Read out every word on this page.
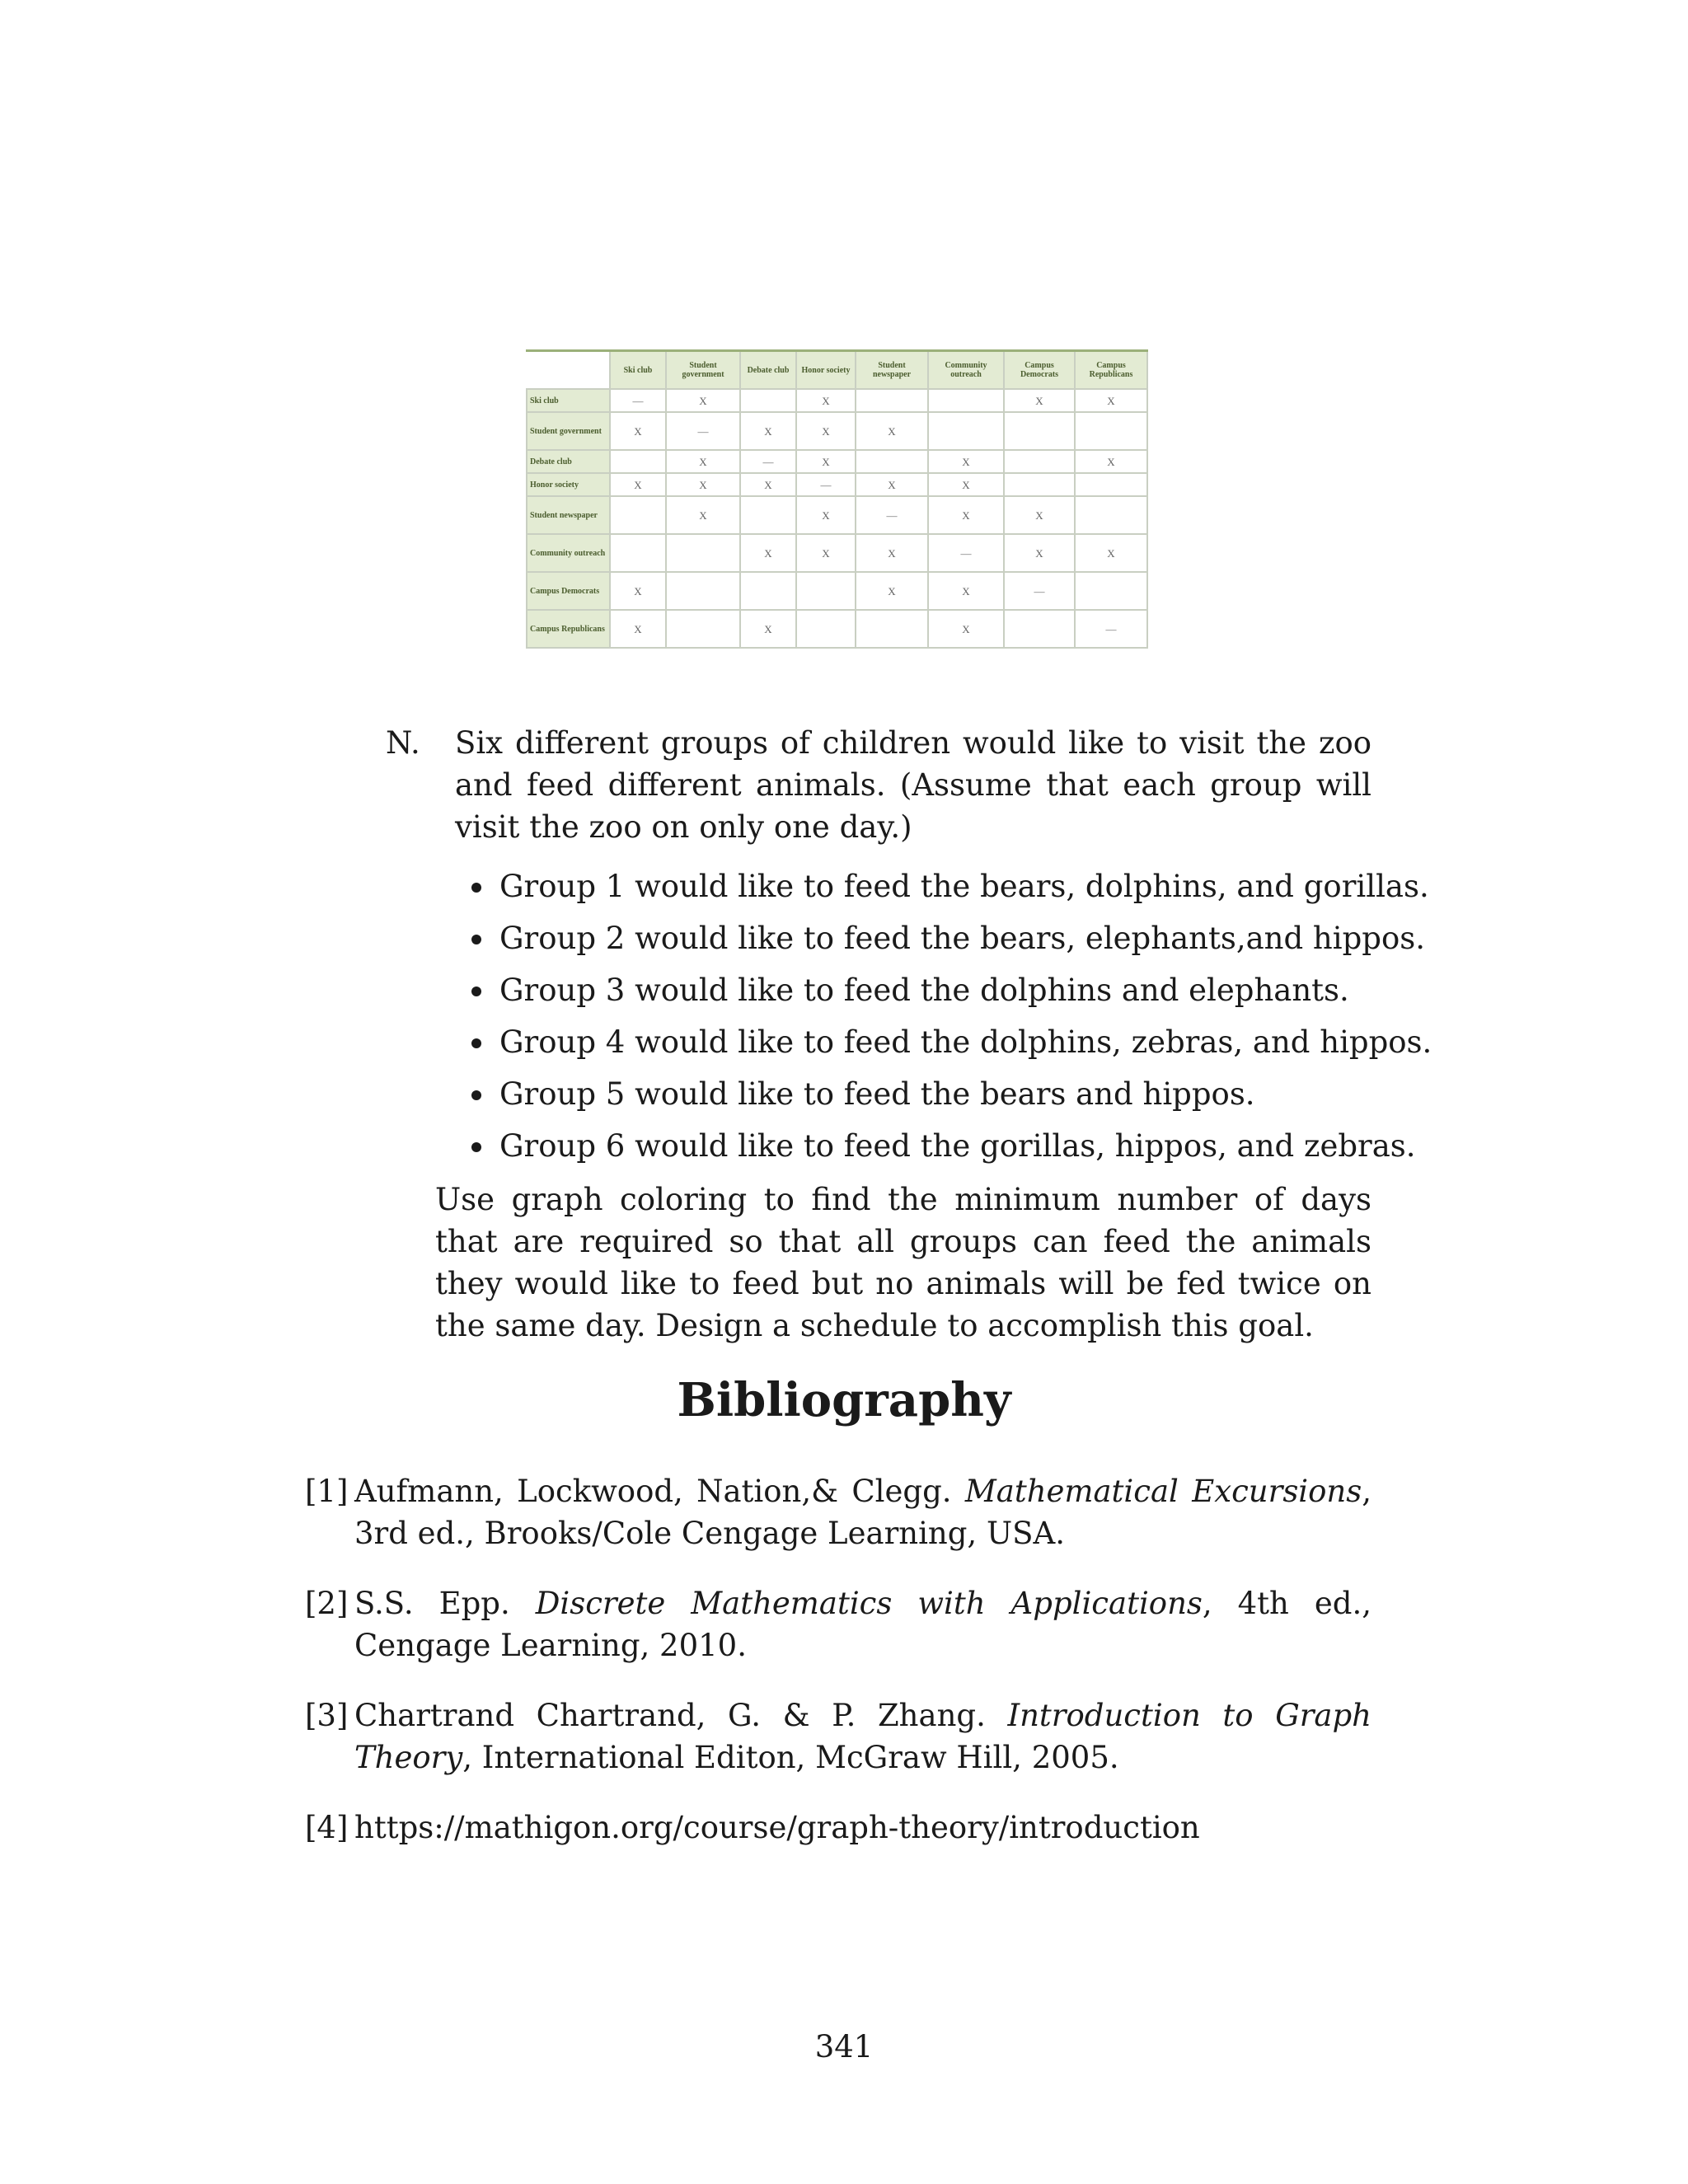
	Ski club	Student government	Debate club	Honor society	Student newspaper	Community outreach	Campus Democrats	Campus Republicans
Ski club	—	X		X			X	X
Student government	X	—	X	X	X			
Debate club		X	—	X		X		X
Honor society	X	X	X	—	X	X		
Student newspaper		X		X	—	X	X	
Community outreach			X	X	X	—	X	X
Campus Democrats	X				X	X	—	
Campus Republicans	X		X			X		—
N. Six different groups of children would like to visit the zoo and feed different animals. (Assume that each group will visit the zoo on only one day.)
Group 1 would like to feed the bears, dolphins, and gorillas.
Group 2 would like to feed the bears, elephants,and hippos.
Group 3 would like to feed the dolphins and elephants.
Group 4 would like to feed the dolphins, zebras, and hippos.
Group 5 would like to feed the bears and hippos.
Group 6 would like to feed the gorillas, hippos, and zebras.
Use graph coloring to find the minimum number of days that are required so that all groups can feed the animals they would like to feed but no animals will be fed twice on the same day. Design a schedule to accomplish this goal.
Bibliography
[1] Aufmann, Lockwood, Nation,& Clegg. Mathematical Excursions, 3rd ed., Brooks/Cole Cengage Learning, USA.
[2] S.S. Epp. Discrete Mathematics with Applications, 4th ed., Cengage Learning, 2010.
[3] Chartrand Chartrand, G. & P. Zhang. Introduction to Graph Theory, International Editon, McGraw Hill, 2005.
[4] https://mathigon.org/course/graph-theory/introduction
341
